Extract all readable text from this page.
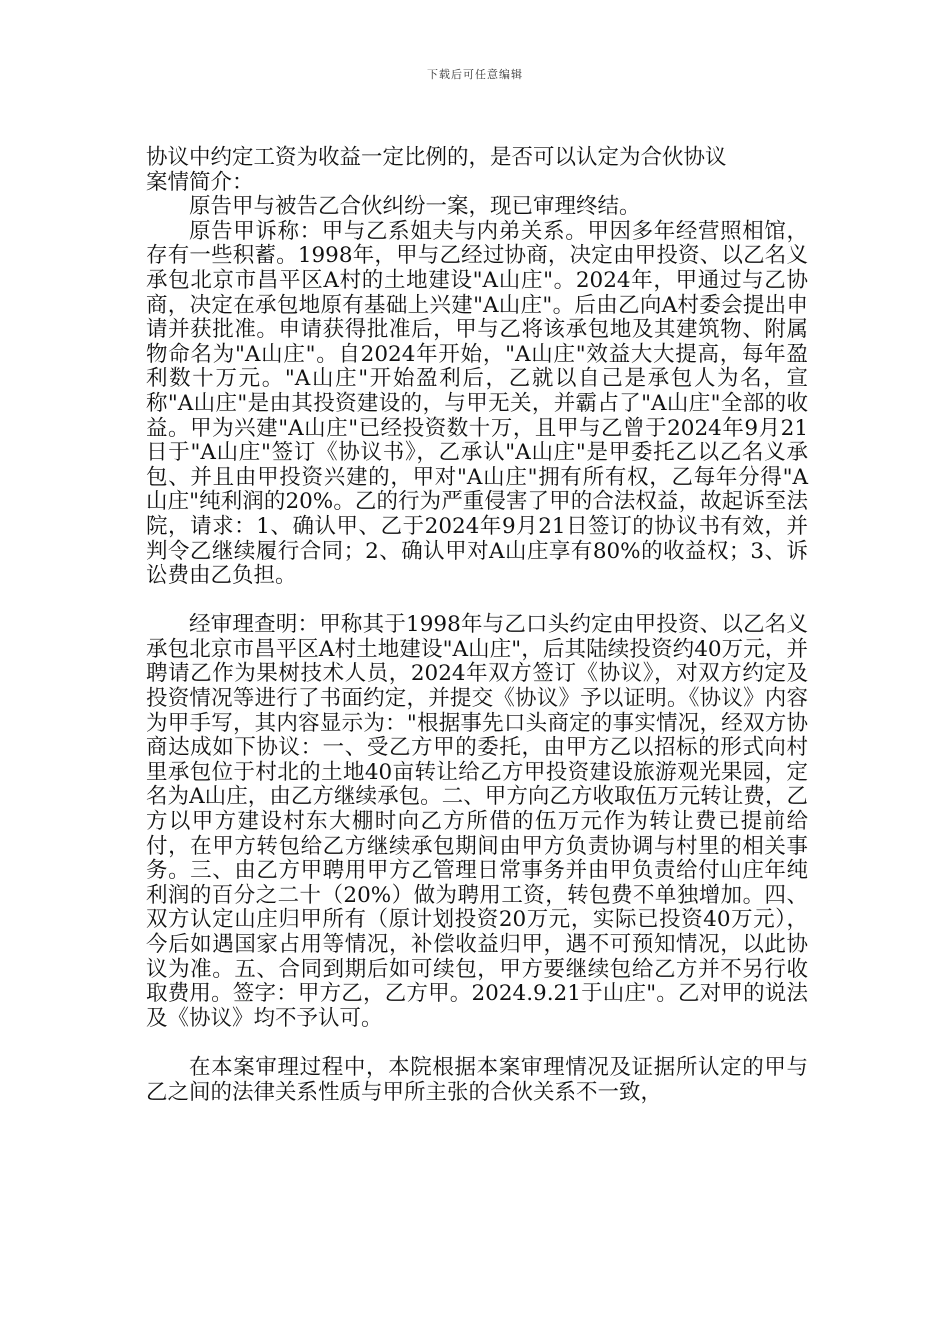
下载后可任意编辑

协议中约定工资为收益一定比例的，是否可以认定为合伙协议

案情简介：

原告甲与被告乙合伙纠纷一案，现已审理终结。

原告甲诉称：甲与乙系姐夫与内弟关系。甲因多年经营照相馆，存有一些积蓄。1998年，甲与乙经过协商，决定由甲投资、以乙名义承包北京市昌平区A村的土地建设"A山庄"。2024年，甲通过与乙协商，决定在承包地原有基础上兴建"A山庄"。后由乙向A村委会提出申请并获批准。申请获得批准后，甲与乙将该承包地及其建筑物、附属物命名为"A山庄"。自2024年开始，"A山庄"效益大大提高，每年盈利数十万元。"A山庄"开始盈利后，乙就以自己是承包人为名，宣称"A山庄"是由其投资建设的，与甲无关，并霸占了"A山庄"全部的收益。甲为兴建"A山庄"已经投资数十万，且甲与乙曾于2024年9月21日于"A山庄"签订《协议书》，乙承认"A山庄"是甲委托乙以乙名义承包、并且由甲投资兴建的，甲对"A山庄"拥有所有权，乙每年分得"A山庄"纯利润的20%。乙的行为严重侵害了甲的合法权益，故起诉至法院，请求：1、确认甲、乙于2024年9月21日签订的协议书有效，并判令乙继续履行合同；2、确认甲对A山庄享有80%的收益权；3、诉讼费由乙负担。

经审理查明：甲称其于1998年与乙口头约定由甲投资、以乙名义承包北京市昌平区A村土地建设"A山庄"，后其陆续投资约40万元，并聘请乙作为果树技术人员，2024年双方签订《协议》，对双方约定及投资情况等进行了书面约定，并提交《协议》予以证明。《协议》内容为甲手写，其内容显示为："根据事先口头商定的事实情况，经双方协商达成如下协议：一、受乙方甲的委托，由甲方乙以招标的形式向村里承包位于村北的土地40亩转让给乙方甲投资建设旅游观光果园，定名为A山庄，由乙方继续承包。二、甲方向乙方收取伍万元转让费，乙方以甲方建设村东大棚时向乙方所借的伍万元作为转让费已提前给付，在甲方转包给乙方继续承包期间由甲方负责协调与村里的相关事务。三、由乙方甲聘用甲方乙管理日常事务并由甲负责给付山庄年纯利润的百分之二十（20%）做为聘用工资，转包费不单独增加。四、双方认定山庄归甲所有（原计划投资20万元，实际已投资40万元），今后如遇国家占用等情况，补偿收益归甲，遇不可预知情况，以此协议为准。五、合同到期后如可续包，甲方要继续包给乙方并不另行收取费用。签字：甲方乙，乙方甲。2024.9.21于山庄"。乙对甲的说法及《协议》均不予认可。

在本案审理过程中，本院根据本案审理情况及证据所认定的甲与乙之间的法律关系性质与甲所主张的合伙关系不一致，
